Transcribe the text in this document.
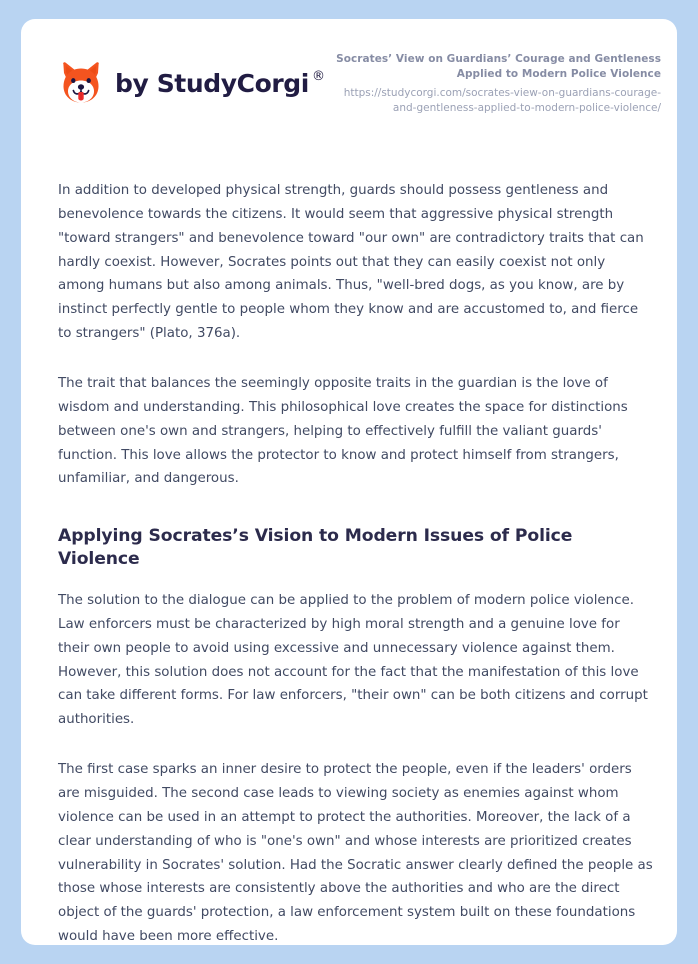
by StudyCorgi ®
Socrates’ View on Guardians’ Courage and Gentleness Applied to Modern Police Violence
https://studycorgi.com/socrates-view-on-guardians-courage-and-gentleness-applied-to-modern-police-violence/

In addition to developed physical strength, guards should possess gentleness and benevolence towards the citizens. It would seem that aggressive physical strength "toward strangers" and benevolence toward "our own" are contradictory traits that can hardly coexist. However, Socrates points out that they can easily coexist not only among humans but also among animals. Thus, "well-bred dogs, as you know, are by instinct perfectly gentle to people whom they know and are accustomed to, and fierce to strangers" (Plato, 376a).

The trait that balances the seemingly opposite traits in the guardian is the love of wisdom and understanding. This philosophical love creates the space for distinctions between one's own and strangers, helping to effectively fulfill the valiant guards' function. This love allows the protector to know and protect himself from strangers, unfamiliar, and dangerous.

Applying Socrates’s Vision to Modern Issues of Police Violence

The solution to the dialogue can be applied to the problem of modern police violence. Law enforcers must be characterized by high moral strength and a genuine love for their own people to avoid using excessive and unnecessary violence against them. However, this solution does not account for the fact that the manifestation of this love can take different forms. For law enforcers, "their own" can be both citizens and corrupt authorities.

The first case sparks an inner desire to protect the people, even if the leaders' orders are misguided. The second case leads to viewing society as enemies against whom violence can be used in an attempt to protect the authorities. Moreover, the lack of a clear understanding of who is "one's own" and whose interests are prioritized creates vulnerability in Socrates' solution. Had the Socratic answer clearly defined the people as those whose interests are consistently above the authorities and who are the direct object of the guards' protection, a law enforcement system built on these foundations would have been more effective.
